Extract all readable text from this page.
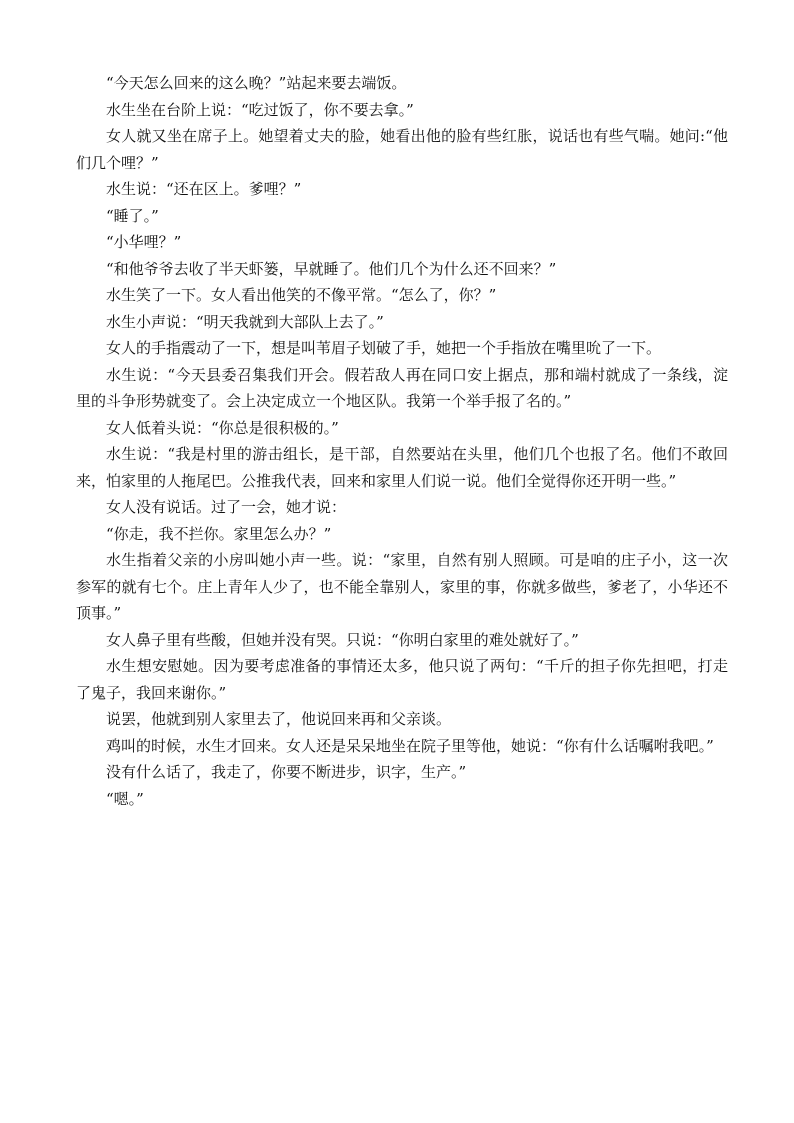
“今天怎么回来的这么晚？”站起来要去端饭。

水生坐在台阶上说：“吃过饭了，你不要去拿。”

女人就又坐在席子上。她望着丈夫的脸，她看出他的脸有些红胀，说话也有些气喘。她问:“他们几个哩？”

水生说：“还在区上。爹哩？”

“睡了。”

“小华哩？”

“和他爷爷去收了半天虾篓，早就睡了。他们几个为什么还不回来？”

水生笑了一下。女人看出他笑的不像平常。“怎么了，你？”

水生小声说：“明天我就到大部队上去了。”

女人的手指震动了一下，想是叫苇眉子划破了手，她把一个手指放在嘴里吮了一下。

水生说：“今天县委召集我们开会。假若敌人再在同口安上据点，那和端村就成了一条线，淀里的斗争形势就变了。会上决定成立一个地区队。我第一个举手报了名的。”

女人低着头说：“你总是很积极的。”

水生说：“我是村里的游击组长，是干部，自然要站在头里，他们几个也报了名。他们不敢回来，怕家里的人拖尾巴。公推我代表，回来和家里人们说一说。他们全觉得你还开明一些。”

女人没有说话。过了一会，她才说：

“你走，我不拦你。家里怎么办？”

水生指着父亲的小房叫她小声一些。说：“家里，自然有别人照顾。可是咱的庄子小，这一次参军的就有七个。庄上青年人少了，也不能全靠别人，家里的事，你就多做些，爹老了，小华还不顶事。”

女人鼻子里有些酸，但她并没有哭。只说：“你明白家里的难处就好了。”

水生想安慰她。因为要考虑准备的事情还太多，他只说了两句：“千斤的担子你先担吧，打走了鬼子，我回来谢你。”

说罢，他就到别人家里去了，他说回来再和父亲谈。

鸡叫的时候，水生才回来。女人还是呆呆地坐在院子里等他，她说：“你有什么话嘱咐我吧。”

没有什么话了，我走了，你要不断进步，识字，生产。”

“嗯。”
